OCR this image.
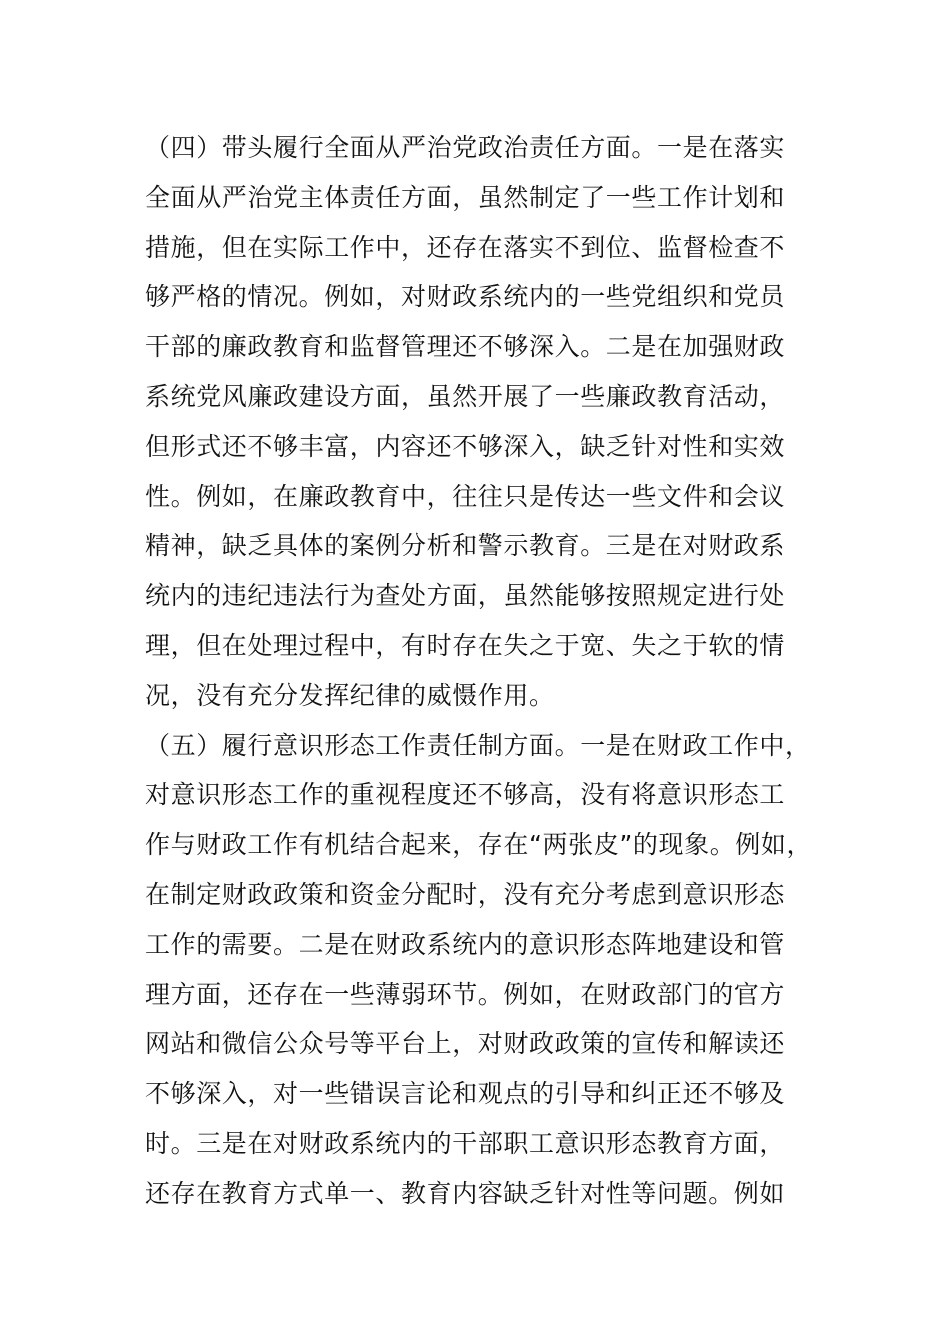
（四）带头履行全面从严治党政治责任方面。一是在落实
全面从严治党主体责任方面，虽然制定了一些工作计划和
措施，但在实际工作中，还存在落实不到位、监督检查不
够严格的情况。例如，对财政系统内的一些党组织和党员
干部的廉政教育和监督管理还不够深入。二是在加强财政
系统党风廉政建设方面，虽然开展了一些廉政教育活动，
但形式还不够丰富，内容还不够深入，缺乏针对性和实效
性。例如，在廉政教育中，往往只是传达一些文件和会议
精神，缺乏具体的案例分析和警示教育。三是在对财政系
统内的违纪违法行为查处方面，虽然能够按照规定进行处
理，但在处理过程中，有时存在失之于宽、失之于软的情
况，没有充分发挥纪律的威慑作用。
（五）履行意识形态工作责任制方面。一是在财政工作中，
对意识形态工作的重视程度还不够高，没有将意识形态工
作与财政工作有机结合起来，存在“两张皮”的现象。例如，
在制定财政政策和资金分配时，没有充分考虑到意识形态
工作的需要。二是在财政系统内的意识形态阵地建设和管
理方面，还存在一些薄弱环节。例如，在财政部门的官方
网站和微信公众号等平台上，对财政政策的宣传和解读还
不够深入，对一些错误言论和观点的引导和纠正还不够及
时。三是在对财政系统内的干部职工意识形态教育方面，
还存在教育方式单一、教育内容缺乏针对性等问题。例如
